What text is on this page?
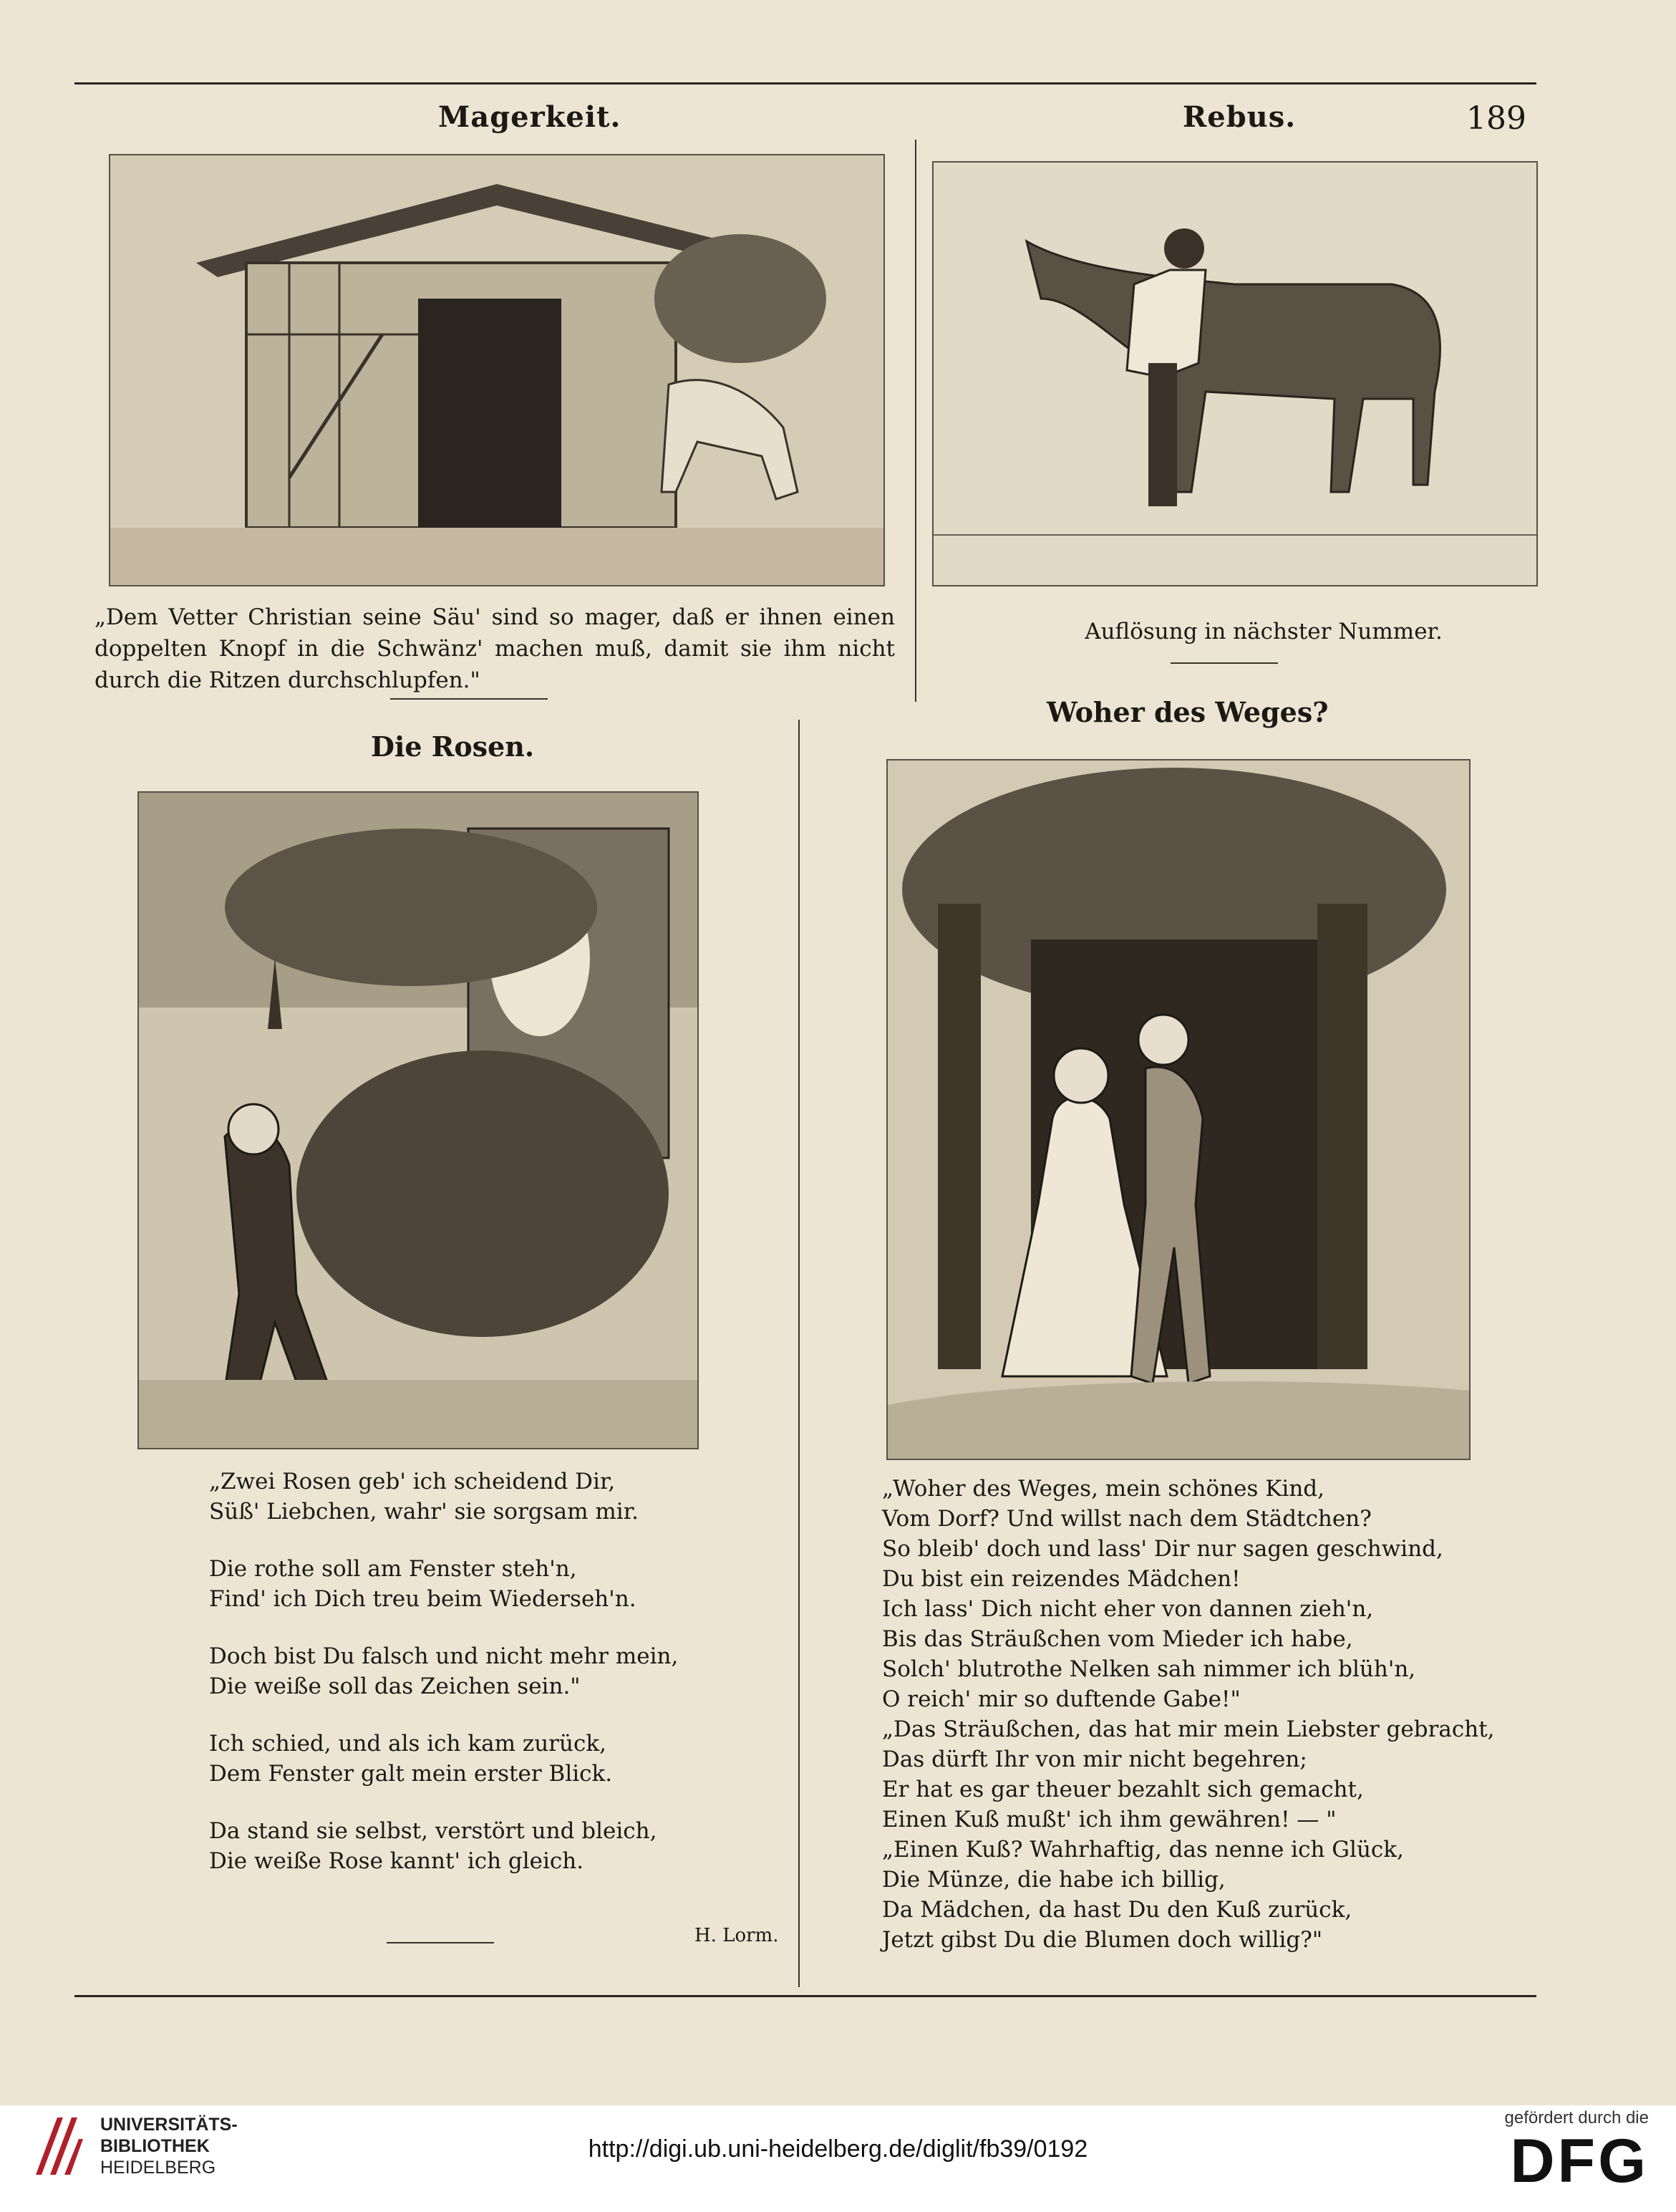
Magerkeit.	Rebus.	189
„Dem Vetter Christian seine Säu' sind so mager, daß er ihnen einen doppelten Knopf in die Schwänz' machen muß, damit sie ihm nicht durch die Ritzen durchschlupfen."
Auflösung in nächster Nummer.
Die Rosen.
„Zwei Rosen geb' ich scheidend Dir,
Süß' Liebchen, wahr' sie sorgsam mir.
Die rothe soll am Fenster steh'n,
Find' ich Dich treu beim Wiederseh'n.
Doch bist Du falsch und nicht mehr mein,
Die weiße soll das Zeichen sein."
Ich schied, und als ich kam zurück,
Dem Fenster galt mein erster Blick.
Da stand sie selbst, verstört und bleich,
Die weiße Rose kannt' ich gleich.
H. Lorm.
Woher des Weges?
„Woher des Weges, mein schönes Kind,
Vom Dorf? Und willst nach dem Städtchen?
So bleib' doch und lass' Dir nur sagen geschwind,
Du bist ein reizendes Mädchen!
Ich lass' Dich nicht eher von dannen zieh'n,
Bis das Sträußchen vom Mieder ich habe,
Solch' blutrothe Nelken sah nimmer ich blüh'n,
O reich' mir so duftende Gabe!"
„Das Sträußchen, das hat mir mein Liebster gebracht,
Das dürft Ihr von mir nicht begehren;
Er hat es gar theuer bezahlt sich gemacht,
Einen Kuß mußt' ich ihm gewähren! — "
„Einen Kuß? Wahrhaftig, das nenne ich Glück,
Die Münze, die habe ich billig,
Da Mädchen, da hast Du den Kuß zurück,
Jetzt gibst Du die Blumen doch willig?"
UNIVERSITÄTS-
BIBLIOTHEK
HEIDELBERG
http://digi.ub.uni-heidelberg.de/diglit/fb39/0192
gefördert durch die
DFG
